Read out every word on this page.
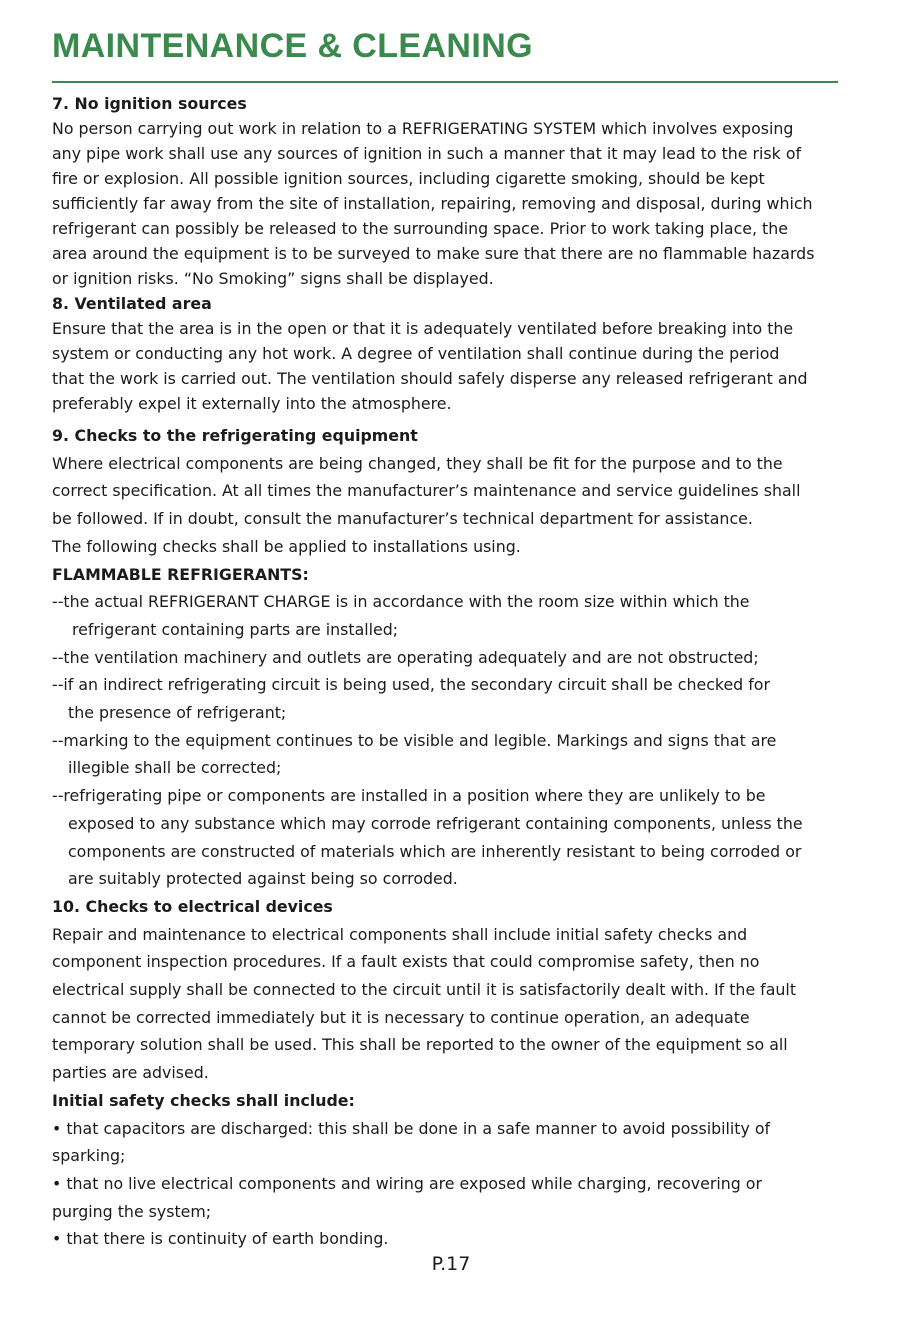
MAINTENANCE & CLEANING
7. No ignition sources
No person carrying out work in relation to a REFRIGERATING SYSTEM which involves exposing
any pipe work shall use any sources of ignition in such a manner that it may lead to the risk of
fire or explosion. All possible ignition sources, including cigarette smoking, should be kept
sufficiently far away from the site of installation, repairing, removing and disposal, during which
refrigerant can possibly be released to the surrounding space. Prior to work taking place, the
area around the equipment is to be surveyed to make sure that there are no flammable hazards
or ignition risks. “No Smoking” signs shall be displayed.
8. Ventilated area
Ensure that the area is in the open or that it is adequately ventilated before breaking into the
system or conducting any hot work. A degree of ventilation shall continue during the period
that the work is carried out. The ventilation should safely disperse any released refrigerant and
preferably expel it externally into the atmosphere.
9. Checks to the refrigerating equipment
Where electrical components are being changed, they shall be fit for the purpose and to the
correct specification. At all times the manufacturer’s maintenance and service guidelines shall
be followed. If in doubt, consult the manufacturer’s technical department for assistance.
The following checks shall be applied to installations using.
FLAMMABLE REFRIGERANTS:
--the actual REFRIGERANT CHARGE is in accordance with the room size within which the
refrigerant containing parts are installed;
--the ventilation machinery and outlets are operating adequately and are not obstructed;
--if an indirect refrigerating circuit is being used, the secondary circuit shall be checked for
the presence of refrigerant;
--marking to the equipment continues to be visible and legible. Markings and signs that are
illegible shall be corrected;
--refrigerating pipe or components are installed in a position where they are unlikely to be
exposed to any substance which may corrode refrigerant containing components, unless the
components are constructed of materials which are inherently resistant to being corroded or
are suitably protected against being so corroded.
10. Checks to electrical devices
Repair and maintenance to electrical components shall include initial safety checks and
component inspection procedures. If a fault exists that could compromise safety, then no
electrical supply shall be connected to the circuit until it is satisfactorily dealt with. If the fault
cannot be corrected immediately but it is necessary to continue operation, an adequate
temporary solution shall be used. This shall be reported to the owner of the equipment so all
parties are advised.
Initial safety checks shall include:
• that capacitors are discharged: this shall be done in a safe manner to avoid possibility of
sparking;
• that no live electrical components and wiring are exposed while charging, recovering or
purging the system;
• that there is continuity of earth bonding.
P.17
